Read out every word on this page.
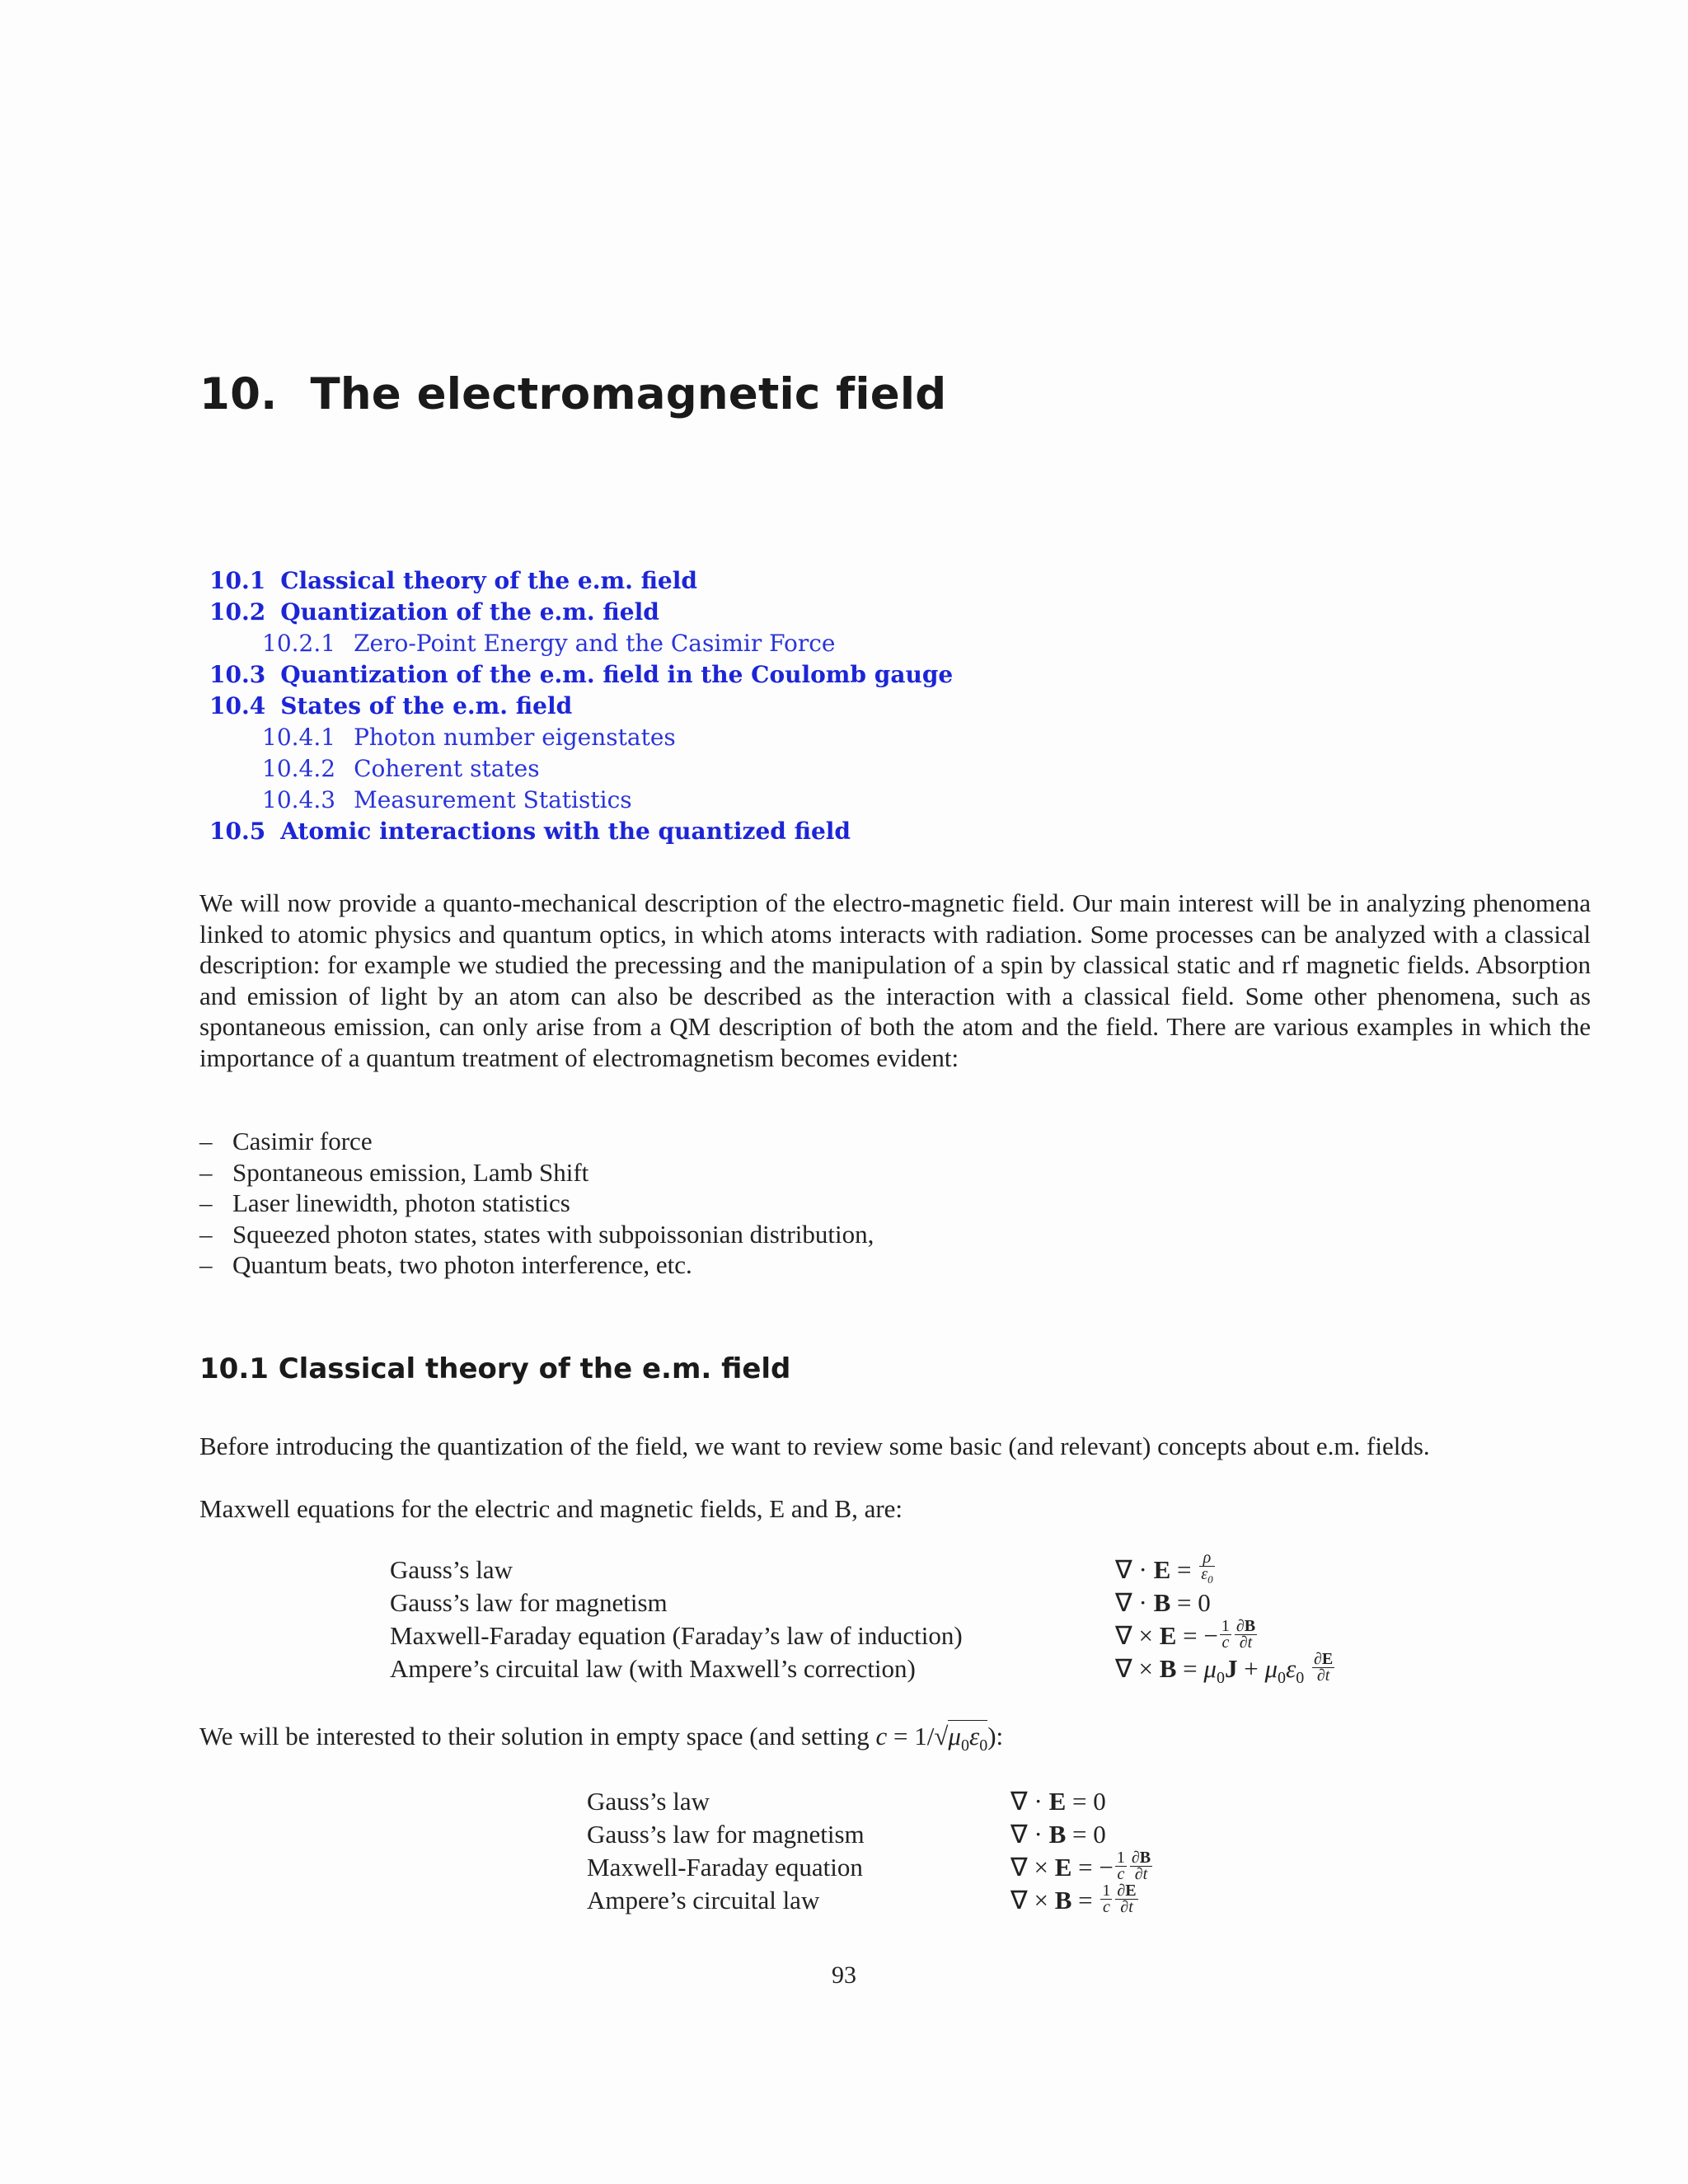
10. The electromagnetic field
10.1 Classical theory of the e.m. field
10.2 Quantization of the e.m. field
10.2.1 Zero-Point Energy and the Casimir Force
10.3 Quantization of the e.m. field in the Coulomb gauge
10.4 States of the e.m. field
10.4.1 Photon number eigenstates
10.4.2 Coherent states
10.4.3 Measurement Statistics
10.5 Atomic interactions with the quantized field

We will now provide a quanto-mechanical description of the electro-magnetic field. Our main interest will be in analyzing phenomena linked to atomic physics and quantum optics, in which atoms interacts with radiation. Some processes can be analyzed with a classical description: for example we studied the precessing and the manipulation of a spin by classical static and rf magnetic fields. Absorption and emission of light by an atom can also be described as the interaction with a classical field. Some other phenomena, such as spontaneous emission, can only arise from a QM description of both the atom and the field. There are various examples in which the importance of a quantum treatment of electromagnetism becomes evident:

– Casimir force
– Spontaneous emission, Lamb Shift
– Laser linewidth, photon statistics
– Squeezed photon states, states with subpoissonian distribution,
– Quantum beats, two photon interference, etc.
10.1 Classical theory of the e.m. field

Before introducing the quantization of the field, we want to review some basic (and relevant) concepts about e.m. fields.

Maxwell equations for the electric and magnetic fields, E and B, are:

Gauss’s law	∇ · $E = \frac{\rho}{\varepsilon_0}$
Gauss’s law for magnetism	∇ · B = 0
Maxwell-Faraday equation (Faraday’s law of induction)	∇ × E = − $\frac{1}{c} \frac{\partial B}{\partial t}$
Ampere’s circuital law (with Maxwell’s correction)	∇ × $B = \mu_0J + \mu_0\varepsilon_0 \frac{\partial E}{\partial t}$

We will be interested to their solution in empty space (and setting $c = 1/√\mu_0\varepsilon_0$):

Gauss’s law	∇ · E = 0
Gauss’s law for magnetism	∇ · B = 0
Maxwell-Faraday equation	∇ × E = − $\frac{1}{c} \frac{\partial B}{\partial t}$
Ampere’s circuital law	∇ × $B = \frac{1}{c} \frac{\partial E}{\partial t}$
93
